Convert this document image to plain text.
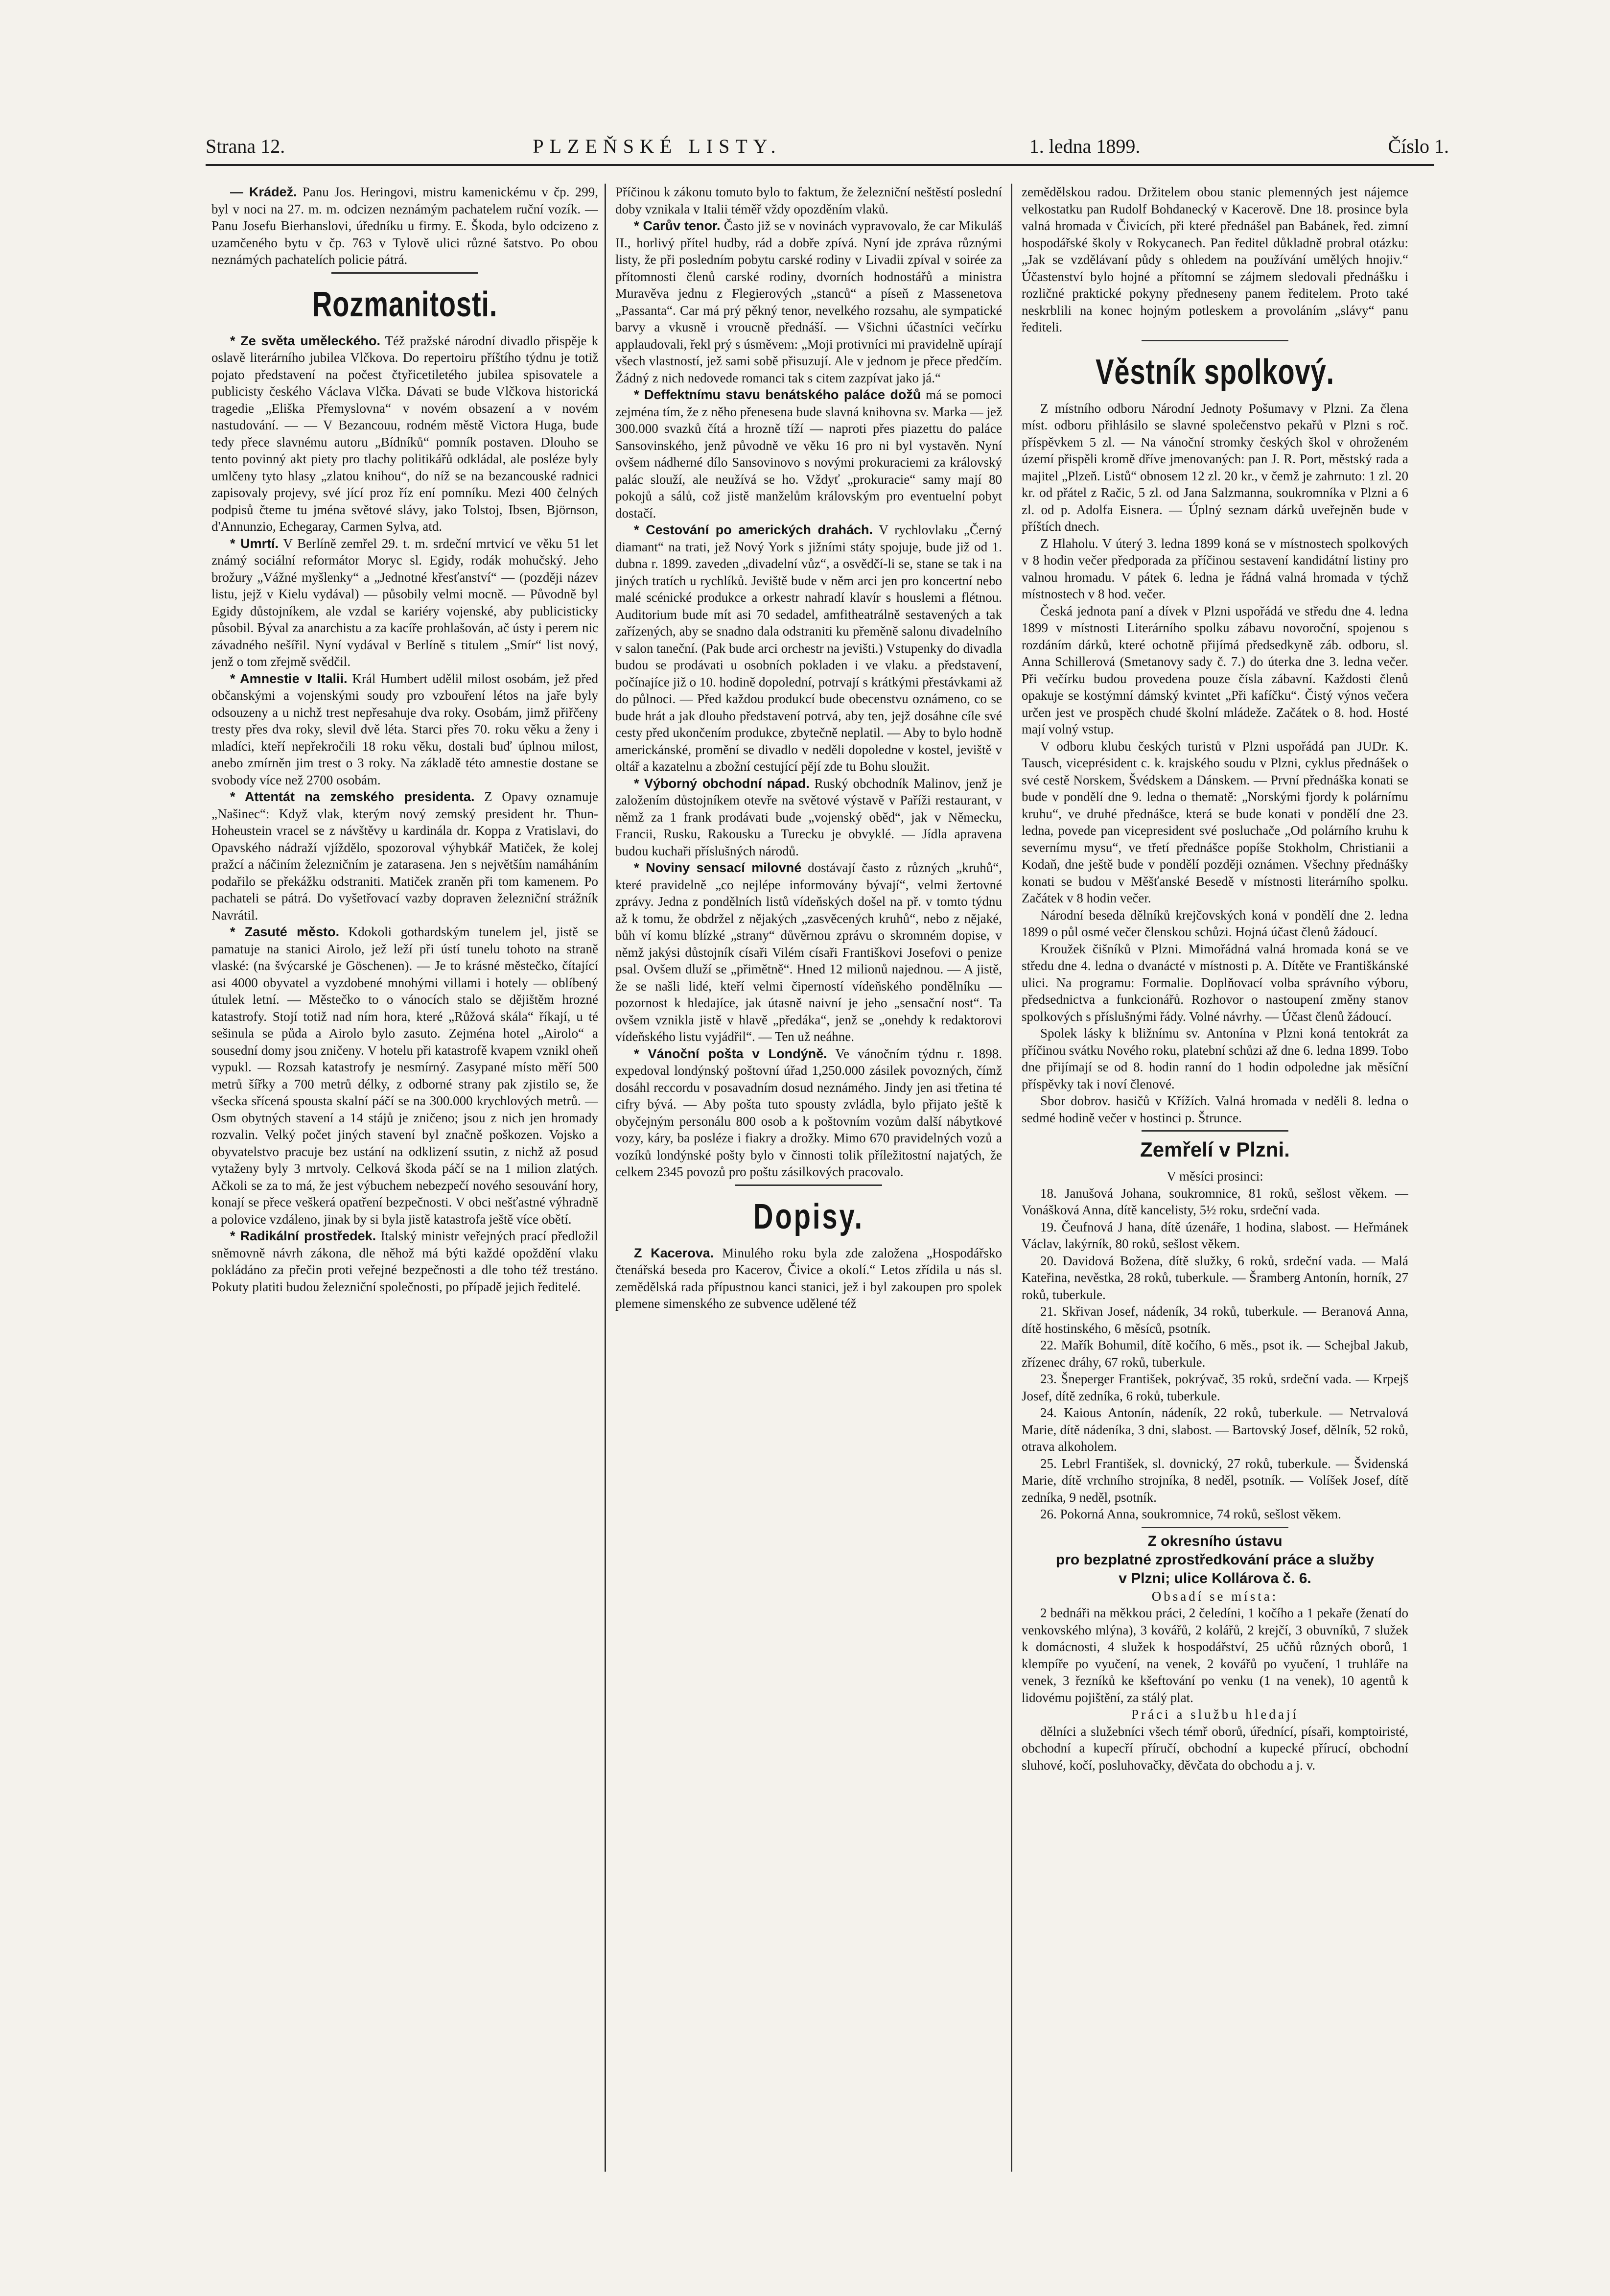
Strana 12.	PLZEŇSKÉ LISTY.	1. ledna 1899.	Číslo 1.

— Krádež. Panu Jos. Heringovi, mistru kamenickému v čp. 299, byl v noci na 27. m. m. odcizen neznámým pachatelem ruční vozík. — Panu Josefu Bierhanslovi, úředníku u firmy. E. Škoda, bylo odcizeno z uzamčeného bytu v čp. 763 v Tylově ulici různé šatstvo. Po obou neznámých pachatelích policie pátrá.

Rozmanitosti.

* Ze světa uměleckého. Též pražské národní divadlo přispěje k oslavě literárního jubilea Vlčkova. Do repertoiru příštího týdnu je totiž pojato představení na počest čtyřicetiletého jubilea spisovatele a publicisty českého Václava Vlčka. Dávati se bude Vlčkova historická tragedie „Eliška Přemyslovna“ v novém obsazení a v novém nastudování. — — V Bezancouu, rodném městě Victora Huga, bude tedy přece slavnému autoru „Bídníků“ pomník postaven. Dlouho se tento povinný akt piety pro tlachy politikářů odkládal, ale posléze byly umlčeny tyto hlasy „zlatou knihou“, do níž se na bezancouské radnici zapisovaly projevy, své jící proz říz ení pomníku. Mezi 400 čelných podpisů čteme tu jména světové slávy, jako Tolstoj, Ibsen, Björnson, d'Annunzio, Echegaray, Carmen Sylva, atd.

* Umrtí. V Berlíně zemřel 29. t. m. srdeční mrtvicí ve věku 51 let známý sociální reformátor Moryc sl. Egidy, rodák mohučský. Jeho brožury „Vážné myšlenky“ a „Jednotné křesťanství“ — (později název listu, jejž v Kielu vydával) — působily velmi mocně. — Původně byl Egidy důstojníkem, ale vzdal se kariéry vojenské, aby publicisticky působil. Býval za anarchistu a za kacíře prohlašován, ač ústy i perem nic závadného nešířil. Nyní vydával v Berlíně s titulem „Smír“ list nový, jenž o tom zřejmě svědčil.

* Amnestie v Italii. Král Humbert udělil milost osobám, jež před občanskými a vojenskými soudy pro vzbouření létos na jaře byly odsouzeny a u nichž trest nepřesahuje dva roky. Osobám, jimž přiřčeny tresty přes dva roky, slevil dvě léta. Starci přes 70. roku věku a ženy i mladíci, kteří nepřekročili 18 roku věku, dostali buď úplnou milost, anebo zmírněn jim trest o 3 roky. Na základě této amnestie dostane se svobody více než 2700 osobám.

* Attentát na zemského presidenta. Z Opavy oznamuje „Našinec“: Když vlak, kterým nový zemský president hr. Thun-Hoheustein vracel se z návštěvy u kardinála dr. Koppa z Vratislavi, do Opavského nádraží vjíždělo, spozoroval výhybkář Matiček, že kolej pražcí a náčiním železničním je zatarasena. Jen s největším namáháním podařilo se překážku odstraniti. Matiček zraněn při tom kamenem. Po pachateli se pátrá. Do vyšetřovací vazby dopraven železniční strážník Navrátil.

* Zasuté město. Kdokoli gothardským tunelem jel, jistě se pamatuje na stanici Airolo, jež leží při ústí tunelu tohoto na straně vlaské: (na švýcarské je Göschenen). — Je to krásné městečko, čítající asi 4000 obyvatel a vyzdobené mnohými villami i hotely — oblíbený útulek letní. — Městečko to o vánocích stalo se dějištěm hrozné katastrofy. Stojí totiž nad ním hora, které „Růžová skála“ říkají, u té sešinula se půda a Airolo bylo zasuto. Zejména hotel „Airolo“ a sousední domy jsou zničeny. V hotelu při katastrofě kvapem vznikl oheň vypukl. — Rozsah katastrofy je nesmírný. Zasypané místo měří 500 metrů šířky a 700 metrů délky, z odborné strany pak zjistilo se, že všecka sřícená spousta skalní páčí se na 300.000 krychlových metrů. — Osm obytných stavení a 14 stájů je zničeno; jsou z nich jen hromady rozvalin. Velký počet jiných stavení byl značně poškozen. Vojsko a obyvatelstvo pracuje bez ustání na odklizení ssutin, z nichž až posud vytaženy byly 3 mrtvoly. Celková škoda páčí se na 1 milion zlatých. Ačkoli se za to má, že jest výbuchem nebezpečí nového sesouvání hory, konají se přece veškerá opatření bezpečnosti. V obci nešťastné výhradně a polovice vzdáleno, jinak by si byla jistě katastrofa ještě více obětí.

* Radikální prostředek. Italský ministr veřejných prací předložil sněmovně návrh zákona, dle něhož má býti každé opoždění vlaku pokládáno za přečin proti veřejné bezpečnosti a dle toho též trestáno. Pokuty platiti budou železniční společnosti, po případě jejich ředitelé.

Příčinou k zákonu tomuto bylo to faktum, že železniční neštěstí poslední doby vznikala v Italii téměř vždy opozděním vlaků.

* Carův tenor. Často již se v novinách vypravovalo, že car Mikuláš II., horlivý přítel hudby, rád a dobře zpívá. Nyní jde zpráva různými listy, že při posledním pobytu carské rodiny v Livadii zpíval v soirée za přítomnosti členů carské rodiny, dvorních hodnostářů a ministra Muravěva jednu z Flegierových „stanců“ a píseň z Massenetova „Passanta“. Car má prý pěkný tenor, nevelkého rozsahu, ale sympatické barvy a vkusně i vroucně přednáší. — Všichni účastníci večírku applaudovali, řekl prý s úsměvem: „Moji protivníci mi pravidelně upírají všech vlastností, jež sami sobě přisuzují. Ale v jednom je přece předčím. Žádný z nich nedovede romanci tak s citem zazpívat jako já.“

* Deffektnímu stavu benátského paláce dožů má se pomoci zejména tím, že z něho přenesena bude slavná knihovna sv. Marka — jež 300.000 svazků čítá a hrozně tíží — naproti přes piazettu do paláce Sansovinského, jenž původně ve věku 16 pro ni byl vystavěn. Nyní ovšem nádherné dílo Sansovinovo s novými prokuraciemi za královský palác slouží, ale neužívá se ho. Vždyť „prokuracie“ samy mají 80 pokojů a sálů, což jistě manželům královským pro eventuelní pobyt dostačí.

* Cestování po amerických drahách. V rychlovlaku „Černý diamant“ na trati, jež Nový York s jižními státy spojuje, bude již od 1. dubna r. 1899. zaveden „divadelní vůz“, a osvědčí-li se, stane se tak i na jiných tratích u rychlíků. Jeviště bude v něm arci jen pro koncertní nebo malé scénické produkce a orkestr nahradí klavír s houslemi a flétnou. Auditorium bude mít asi 70 sedadel, amfitheatrálně sestavených a tak zařízených, aby se snadno dala odstraniti ku přeměně salonu divadelního v salon taneční. (Pak bude arci orchestr na jevišti.) Vstupenky do divadla budou se prodávati u osobních pokladen i ve vlaku. a představení, počínajíce již o 10. hodině dopolední, potrvají s krátkými přestávkami až do půlnoci. — Před každou produkcí bude obecenstvu oznámeno, co se bude hrát a jak dlouho představení potrvá, aby ten, jejž dosáhne cíle své cesty před ukončením produkce, zbytečně neplatil. — Aby to bylo hodně americkánské, promění se divadlo v neděli dopoledne v kostel, jeviště v oltář a kazatelnu a zbožní cestující pějí zde tu Bohu sloužit.

* Výborný obchodní nápad. Ruský obchodník Malinov, jenž je založením důstojníkem otevře na světové výstavě v Paříži restaurant, v němž za 1 frank prodávati bude „vojenský oběd“, jak v Německu, Francii, Rusku, Rakousku a Turecku je obvyklé. — Jídla apravena budou kuchaři příslušných národů.

* Noviny sensací milovné dostávají často z různých „kruhů“, které pravidelně „co nejlépe informovány bývají“, velmi žertovné zprávy. Jedna z pondělních listů vídeňských došel na př. v tomto týdnu až k tomu, že obdržel z nějakých „zasvěcených kruhů“, nebo z nějaké, bůh ví komu blízké „strany“ důvěrnou zprávu o skromném dopise, v němž jakýsi důstojník císaři Vilém císaři Františkovi Josefovi o penize psal. Ovšem dluží se „přimětně“. Hned 12 milionů najednou. — A jistě, že se našli lidé, kteří velmi čiperností vídeňského pondělníku — pozornost k hledajíce, jak útasně naivní je jeho „sensační nost“. Ta ovšem vznikla jistě v hlavě „předáka“, jenž se „onehdy k redaktorovi vídeňského listu vyjádřil“. — Ten už neáhne.

* Vánoční pošta v Londýně. Ve vánočním týdnu r. 1898. expedoval londýnský poštovní úřad 1,250.000 zásilek povozných, čímž dosáhl reccordu v posavadním dosud neznámého. Jindy jen asi třetina té cifry bývá. — Aby pošta tuto spousty zvládla, bylo přijato ještě k obyčejným personálu 800 osob a k poštovním vozům další nábytkové vozy, káry, ba posléze i fiakry a drožky. Mimo 670 pravidelných vozů a vozíků londýnské pošty bylo v činnosti tolik příležitostní najatých, že celkem 2345 povozů pro poštu zásilkových pracovalo.

Dopisy.

Z Kacerova. Minulého roku byla zde založena „Hospodářsko čtenářská beseda pro Kacerov, Čivice a okolí.“ Letos zřídila u nás sl. zemědělská rada přípustnou kanci stanici, jež i byl zakoupen pro spolek plemene simenského ze subvence udělené též

zemědělskou radou. Držitelem obou stanic plemenných jest nájemce velkostatku pan Rudolf Bohdanecký v Kacerově. Dne 18. prosince byla valná hromada v Čivicích, při které přednášel pan Babánek, řed. zimní hospodářské školy v Rokycanech. Pan ředitel důkladně probral otázku: „Jak se vzdělávaní půdy s ohledem na používání umělých hnojiv.“ Účastenství bylo hojné a přítomní se zájmem sledovali přednášku i rozličné praktické pokyny předneseny panem ředitelem. Proto také neskrblili na konec hojným potleskem a provoláním „slávy“ panu řediteli.

Věstník spolkový.

Z místního odboru Národní Jednoty Pošumavy v Plzni. Za člena míst. odboru přihlásilo se slavné společenstvo pekařů v Plzni s roč. příspěvkem 5 zl. — Na vánoční stromky českých škol v ohroženém území přispěli kromě dříve jmenovaných: pan J. R. Port, městský rada a majitel „Plzeň. Listů“ obnosem 12 zl. 20 kr., v čemž je zahrnuto: 1 zl. 20 kr. od přátel z Račic, 5 zl. od Jana Salzmanna, soukromníka v Plzni a 6 zl. od p. Adolfa Eisnera. — Úplný seznam dárků uveřejněn bude v příštích dnech.

Z Hlaholu. V úterý 3. ledna 1899 koná se v místnostech spolkových v 8 hodin večer předporada za příčinou sestavení kandidátní listiny pro valnou hromadu. V pátek 6. ledna je řádná valná hromada v týchž místnostech v 8 hod. večer.

Česká jednota paní a dívek v Plzni uspořádá ve středu dne 4. ledna 1899 v místnosti Literárního spolku zábavu novoroční, spojenou s rozdáním dárků, které ochotně přijímá předsedkyně záb. odboru, sl. Anna Schillerová (Smetanovy sady č. 7.) do úterka dne 3. ledna večer. Při večírku budou provedena pouze čísla zábavní. Každosti členů opakuje se kostýmní dámský kvintet „Při kafíčku“. Čistý výnos večera určen jest ve prospěch chudé školní mládeže. Začátek o 8. hod. Hosté mají volný vstup.

V odboru klubu českých turistů v Plzni uspořádá pan JUDr. K. Tausch, viceprésident c. k. krajského soudu v Plzni, cyklus přednášek o své cestě Norskem, Švédskem a Dánskem. — První přednáška konati se bude v pondělí dne 9. ledna o thematě: „Norskými fjordy k polárnímu kruhu“, ve druhé přednášce, která se bude konati v pondělí dne 23. ledna, povede pan vicepresident své posluchače „Od polárního kruhu k severnímu mysu“, ve třetí přednášce popíše Stokholm, Christianii a Kodaň, dne ještě bude v pondělí později oznámen. Všechny přednášky konati se budou v Měšťanské Besedě v místnosti literárního spolku. Začátek v 8 hodin večer.

Národní beseda dělníků krejčovských koná v pondělí dne 2. ledna 1899 o půl osmé večer členskou schůzi. Hojná účast členů žádoucí.

Kroužek čišníků v Plzni. Mimořádná valná hromada koná se ve středu dne 4. ledna o dvanácté v místnosti p. A. Dítěte ve Františkánské ulici. Na programu: Formalie. Doplňovací volba správního výboru, předsednictva a funkcionářů. Rozhovor o nastoupení změny stanov spolkových s příslušnými řády. Volné návrhy. — Účast členů žádoucí.

Spolek lásky k bližnímu sv. Antonína v Plzni koná tentokrát za příčinou svátku Nového roku, platební schůzi až dne 6. ledna 1899. Tobo dne přijímají se od 8. hodin ranní do 1 hodin odpoledne jak měsíční příspěvky tak i noví členové.

Sbor dobrov. hasičů v Křížích. Valná hromada v neděli 8. ledna o sedmé hodině večer v hostinci p. Štrunce.

Zemřelí v Plzni.

V měsíci prosinci:

18. Janušová Johana, soukromnice, 81 roků, sešlost věkem. — Vonášková Anna, dítě kancelisty, 5½ roku, srdeční vada.

19. Čeufnová J hana, dítě úzenáře, 1 hodina, slabost. — Heřmánek Václav, lakýrník, 80 roků, sešlost věkem.

20. Davidová Božena, dítě služky, 6 roků, srdeční vada. — Malá Kateřina, nevěstka, 28 roků, tuberkule. — Šramberg Antonín, horník, 27 roků, tuberkule.

21. Skřivan Josef, nádeník, 34 roků, tuberkule. — Beranová Anna, dítě hostinského, 6 měsíců, psotník.

22. Mařík Bohumil, dítě kočího, 6 měs., psot ik. — Schejbal Jakub, zřízenec dráhy, 67 roků, tuberkule.

23. Šneperger František, pokrývač, 35 roků, srdeční vada. — Krpejš Josef, dítě zedníka, 6 roků, tuberkule.

24. Kaious Antonín, nádeník, 22 roků, tuberkule. — Netrvalová Marie, dítě nádeníka, 3 dni, slabost. — Bartovský Josef, dělník, 52 roků, otrava alkoholem.

25. Lebrl František, sl. dovnický, 27 roků, tuberkule. — Švidenská Marie, dítě vrchního strojníka, 8 neděl, psotník. — Volíšek Josef, dítě zedníka, 9 neděl, psotník.

26. Pokorná Anna, soukromnice, 74 roků, sešlost věkem.

Z okresního ústavu
pro bezplatné zprostředkování práce a služby
v Plzni; ulice Kollárova č. 6.

Obsadí se místa:

2 bednáři na měkkou práci, 2 čeledíni, 1 kočího a 1 pekaře (ženatí do venkovského mlýna), 3 kovářů, 2 kolářů, 2 krejčí, 3 obuvníků, 7 služek k domácnosti, 4 služek k hospodářství, 25 učňů různých oborů, 1 klempíře po vyučení, na venek, 2 kovářů po vyučení, 1 truhláře na venek, 3 řezníků ke kšeftování po venku (1 na venek), 10 agentů k lidovému pojištění, za stálý plat.

Práci a službu hledají

dělníci a služebníci všech témř oborů, úřednící, písaři, komptoiristé, obchodní a kupecří příručí, obchodní a kupecké přírucí, obchodní sluhové, kočí, posluhovačky, děvčata do obchodu a j. v.
